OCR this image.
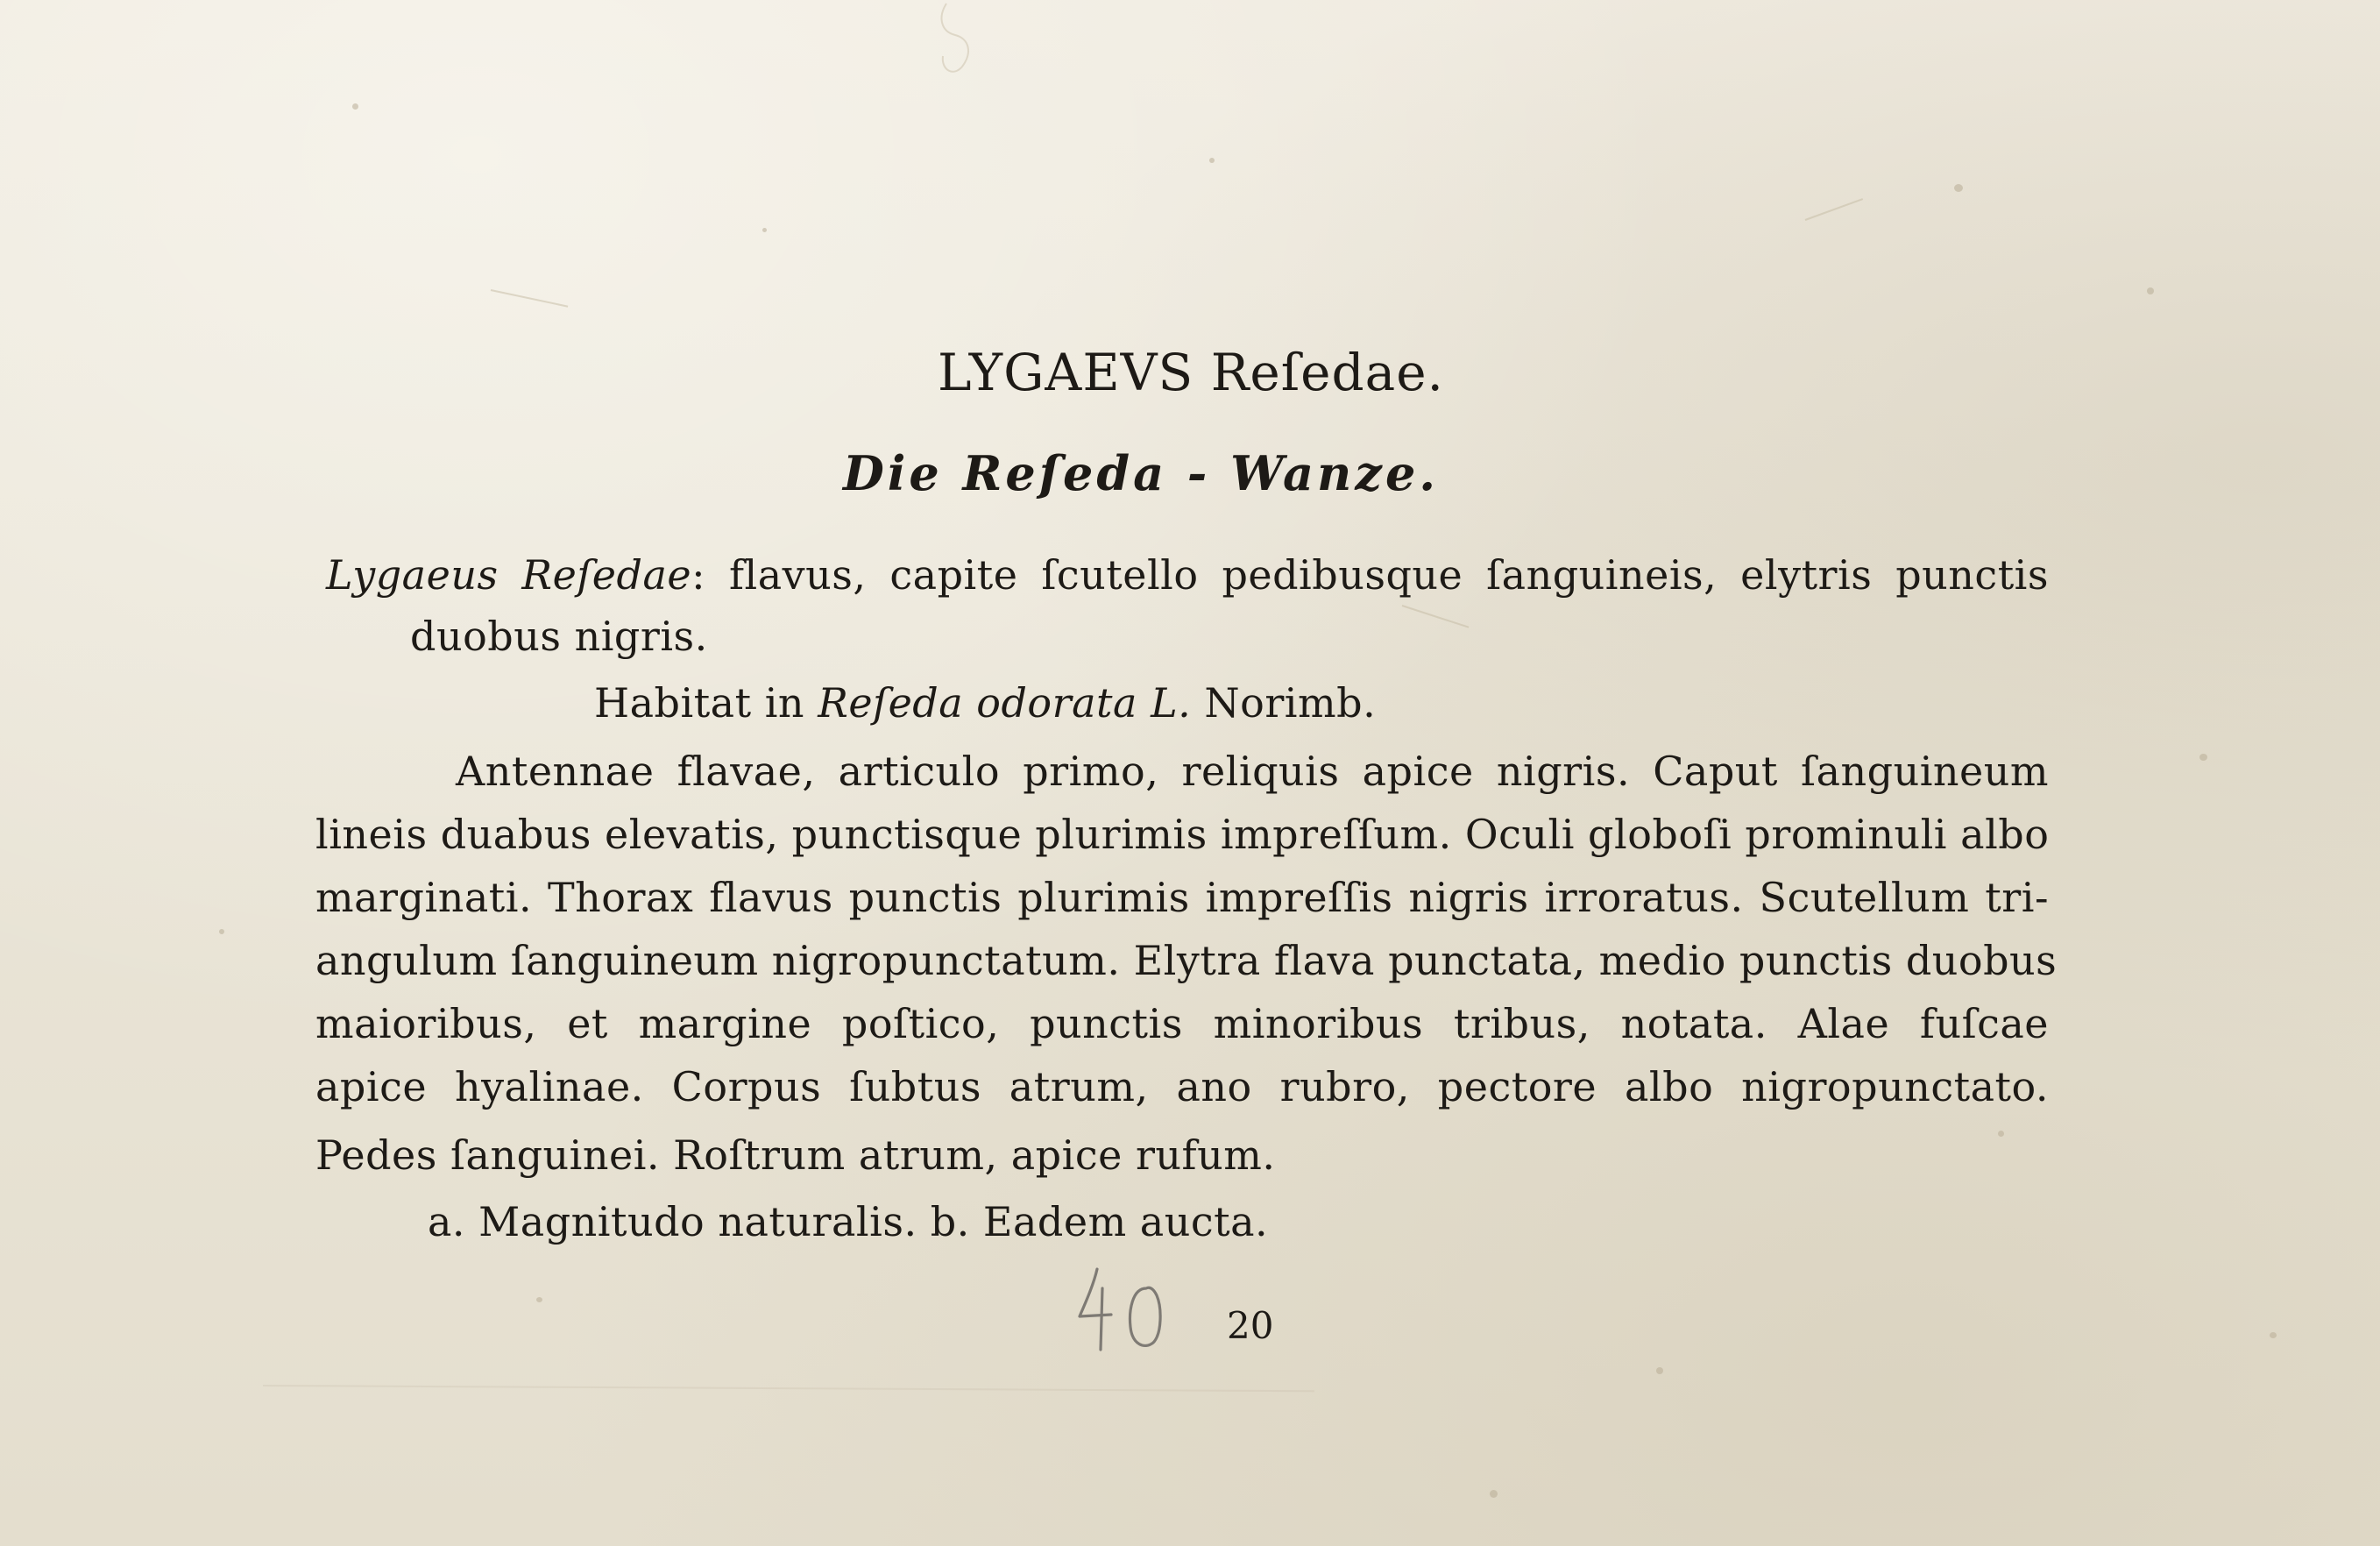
LYGAEVS Reſedae.
Die Reſeda - Wanze.
Lygaeus Reſedae: flavus, capite ſcutello pedibusque ſanguineis, elytris punctis
duobus nigris.
Habitat in Reſeda odorata L. Norimb.
Antennae flavae, articulo primo, reliquis apice nigris. Caput ſanguineum
lineis duabus elevatis, punctisque plurimis impreſſum. Oculi globoſi prominuli albo
marginati. Thorax flavus punctis plurimis impreſſis nigris irroratus. Scutellum tri-
angulum ſanguineum nigropunctatum. Elytra flava punctata, medio punctis duobus
maioribus, et margine poſtico, punctis minoribus tribus, notata. Alae fuſcae
apice hyalinae. Corpus ſubtus atrum, ano rubro, pectore albo nigropunctato.
Pedes ſanguinei. Roſtrum atrum, apice rufum.
a. Magnitudo naturalis. b. Eadem aucta.
20
